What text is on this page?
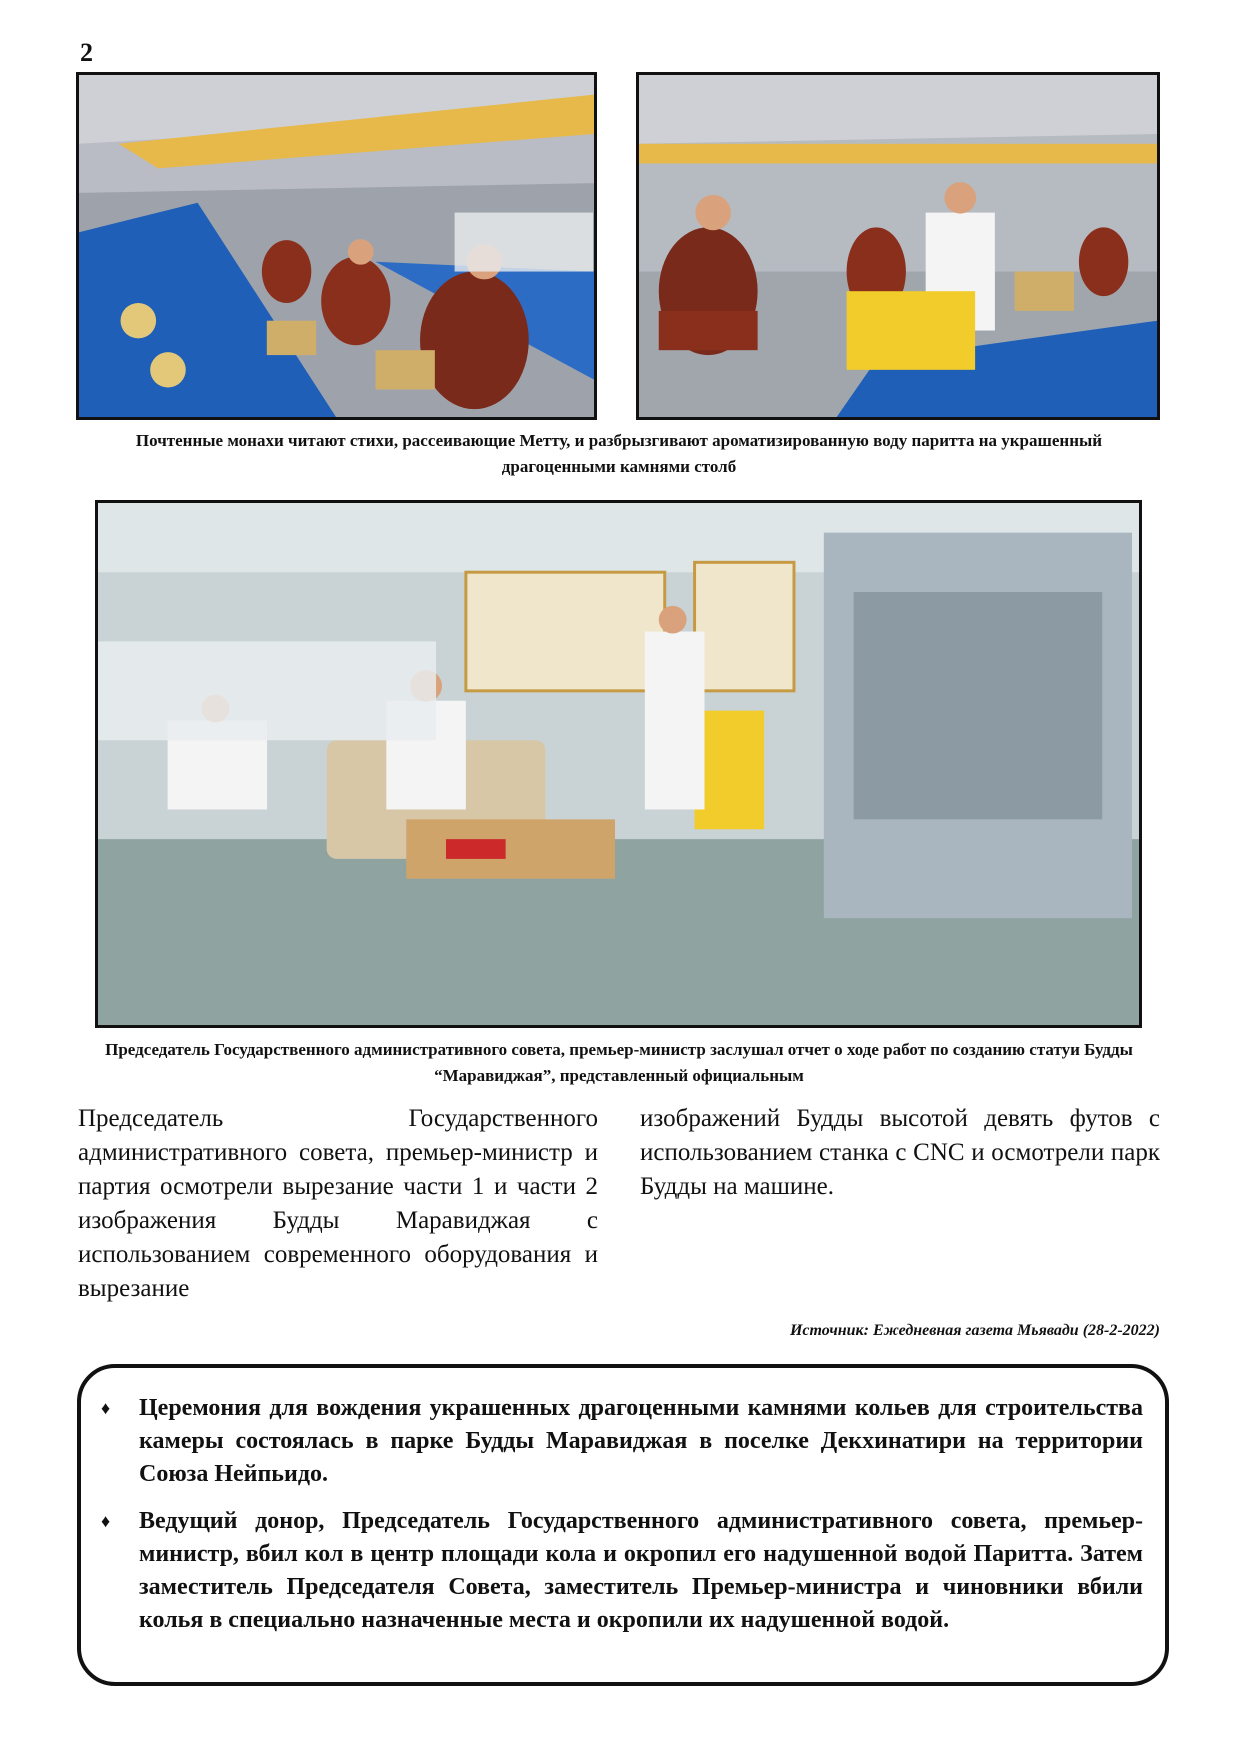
2
Почтенные монахи читают стихи, рассеивающие Метту, и разбрызгивают ароматизированную воду паритта на украшенный драгоценными камнями столб
Председатель Государственного административного совета, премьер-министр заслушал отчет о ходе работ по созданию статуи Будды “Маравиджая”, представленный официальным
Председатель Государственного административного совета, премьер-министр и партия осмотрели вырезание части 1 и части 2 изображения Будды Маравиджая с использованием современного оборудования и вырезание
изображений Будды высотой девять футов с использованием станка с CNC и осмотрели парк Будды на машине.
Источник: Ежедневная газета Мьявади (28-2-2022)
♦ Церемония для вождения украшенных драгоценными камнями кольев для строительства камеры состоялась в парке Будды Маравиджая в поселке Декхинатири на территории Союза Нейпьидо.
♦ Ведущий донор, Председатель Государственного административного совета, премьер-министр, вбил кол в центр площади кола и окропил его надушенной водой Паритта. Затем заместитель Председателя Совета, заместитель Премьер-министра и чиновники вбили колья в специально назначенные места и окропили их надушенной водой.
